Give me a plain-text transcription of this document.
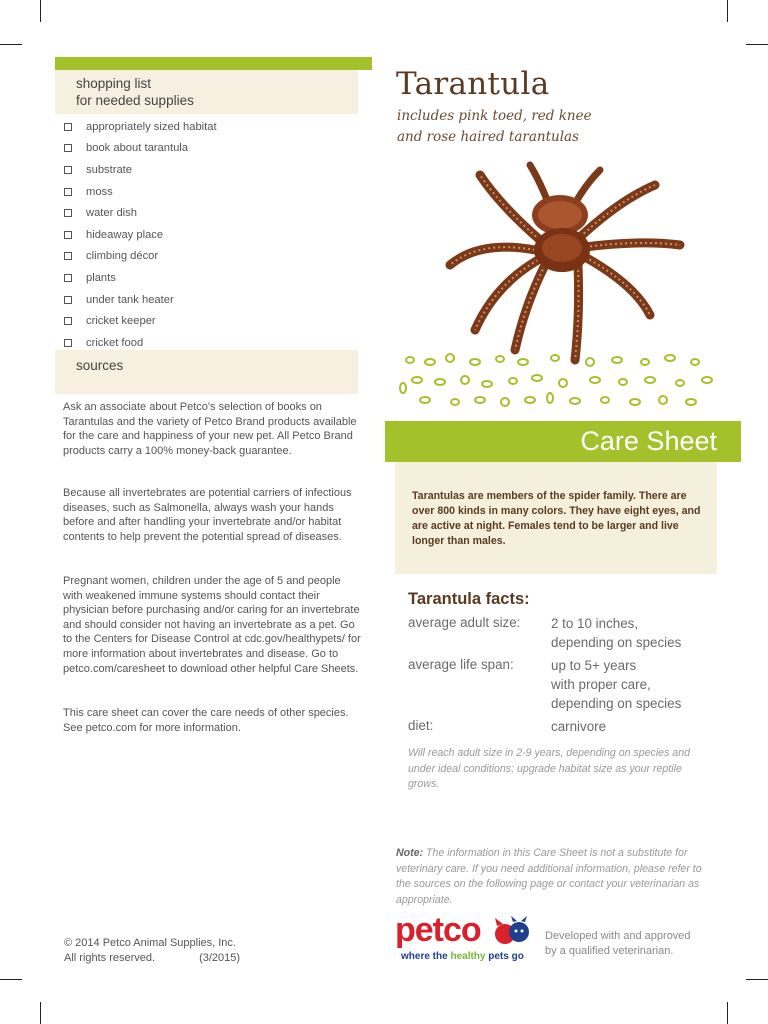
shopping list
for needed supplies
appropriately sized habitat
book about tarantula
substrate
moss
water dish
hideaway place
climbing décor
plants
under tank heater
cricket keeper
cricket food
sources

Ask an associate about Petco's selection of books on Tarantulas and the variety of Petco Brand products available for the care and happiness of your new pet. All Petco Brand products carry a 100% money-back guarantee.

Because all invertebrates are potential carriers of infectious diseases, such as Salmonella, always wash your hands before and after handling your invertebrate and/or habitat contents to help prevent the potential spread of diseases.

Pregnant women, children under the age of 5 and people with weakened immune systems should contact their physician before purchasing and/or caring for an invertebrate and should consider not having an invertebrate as a pet. Go to the Centers for Disease Control at cdc.gov/healthypets/ for more information about invertebrates and disease. Go to petco.com/caresheet to download other helpful Care Sheets.

This care sheet can cover the care needs of other species. See petco.com for more information.

© 2014 Petco Animal Supplies, Inc.
All rights reserved.	(3/2015)
Tarantula
includes pink toed, red knee
and rose haired tarantulas
Care Sheet

Tarantulas are members of the spider family. There are over 800 kinds in many colors. They have eight eyes, and are active at night. Females tend to be larger and live longer than males.

Tarantula facts:
average adult size: 2 to 10 inches,
depending on species
average life span:	up to 5+ years
with proper care,
depending on species
diet:	carnivore

Will reach adult size in 2-9 years, depending on species and under ideal conditions; upgrade habitat size as your reptile grows.

Note: The information in this Care Sheet is not a substitute for veterinary care. If you need additional information, please refer to the sources on the following page or contact your veterinarian as appropriate.

petco
where the healthy pets go
Developed with and approved
by a qualified veterinarian.
